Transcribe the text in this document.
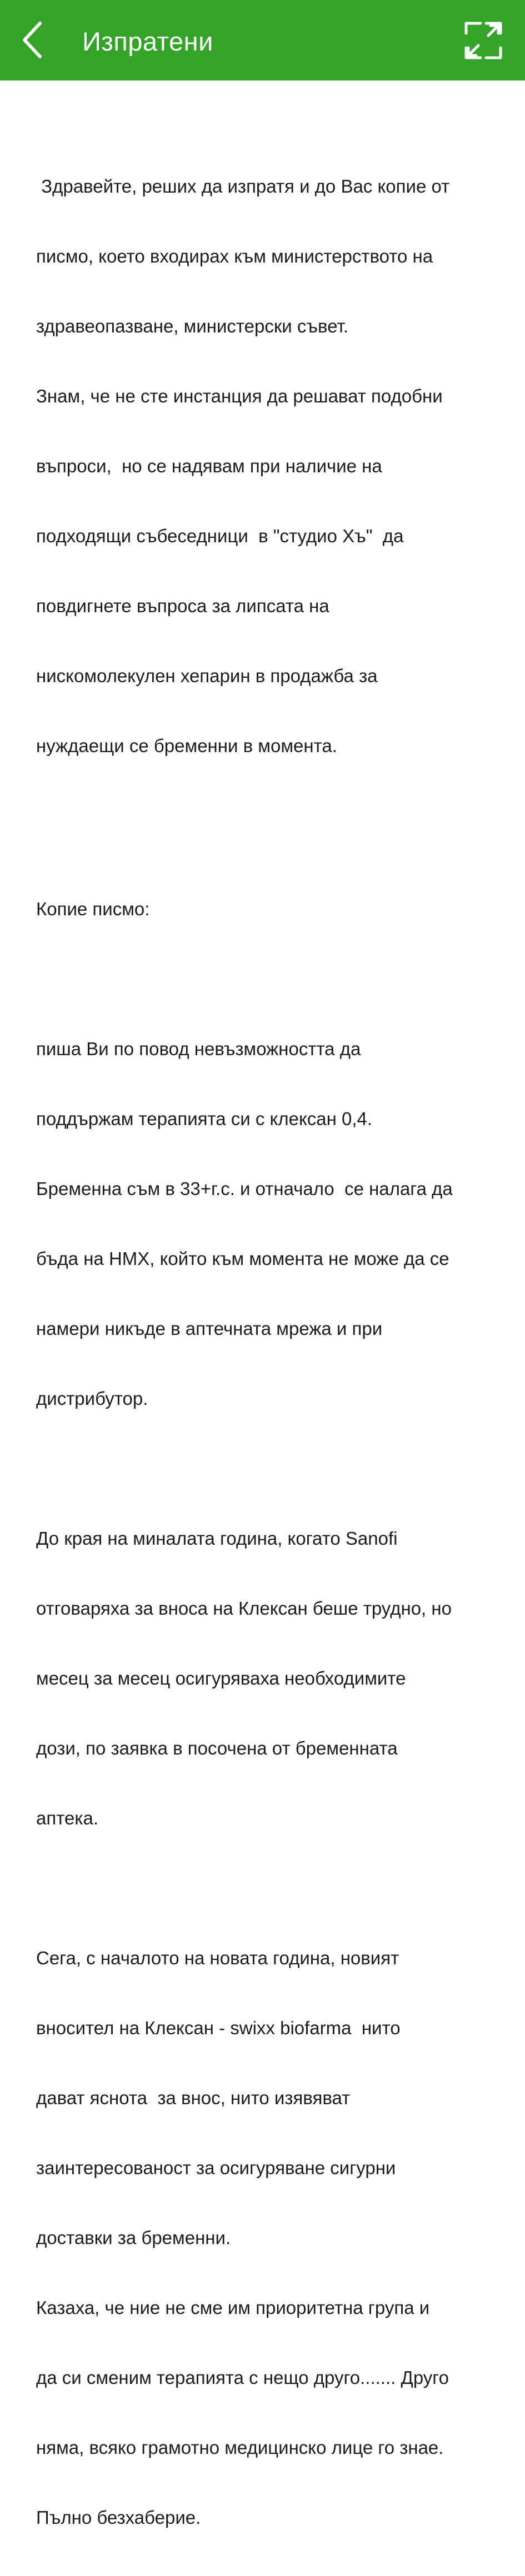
Изпратени

Здравейте, реших да изпратя и до Вас копие от

писмо, което входирах към министерството на

здравеопазване, министерски съвет.

Знам, че не сте инстанция да решават подобни

въпроси,  но се надявам при наличие на

подходящи събеседници  в "студио Хъ"  да

повдигнете въпроса за липсата на

нискомолекулен хепарин в продажба за

нуждаещи се бременни в момента.

Копие писмо:

пиша Ви по повод невъзможността да

поддържам терапията си с клексан 0,4.

Бременна съм в 33+г.с. и отначало  се налага да

бъда на НМХ, който към момента не може да се

намери никъде в аптечната мрежа и при

дистрибутор.

До края на миналата година, когато Sanofi

отговаряха за вноса на Клексан беше трудно, но

месец за месец осигуряваха необходимите

дози, по заявка в посочена от бременната

аптека.

Сега, с началото на новата година, новият

вносител на Клексан - swixx biofarma  нито

дават яснота  за внос, нито изявяват

заинтересованост за осигуряване сигурни

доставки за бременни.

Казаха, че ние не сме им приоритетна група и

да си сменим терапията с нещо друго....... Друго

няма, всяко грамотно медицинско лице го знае.

Пълно безхаберие.
